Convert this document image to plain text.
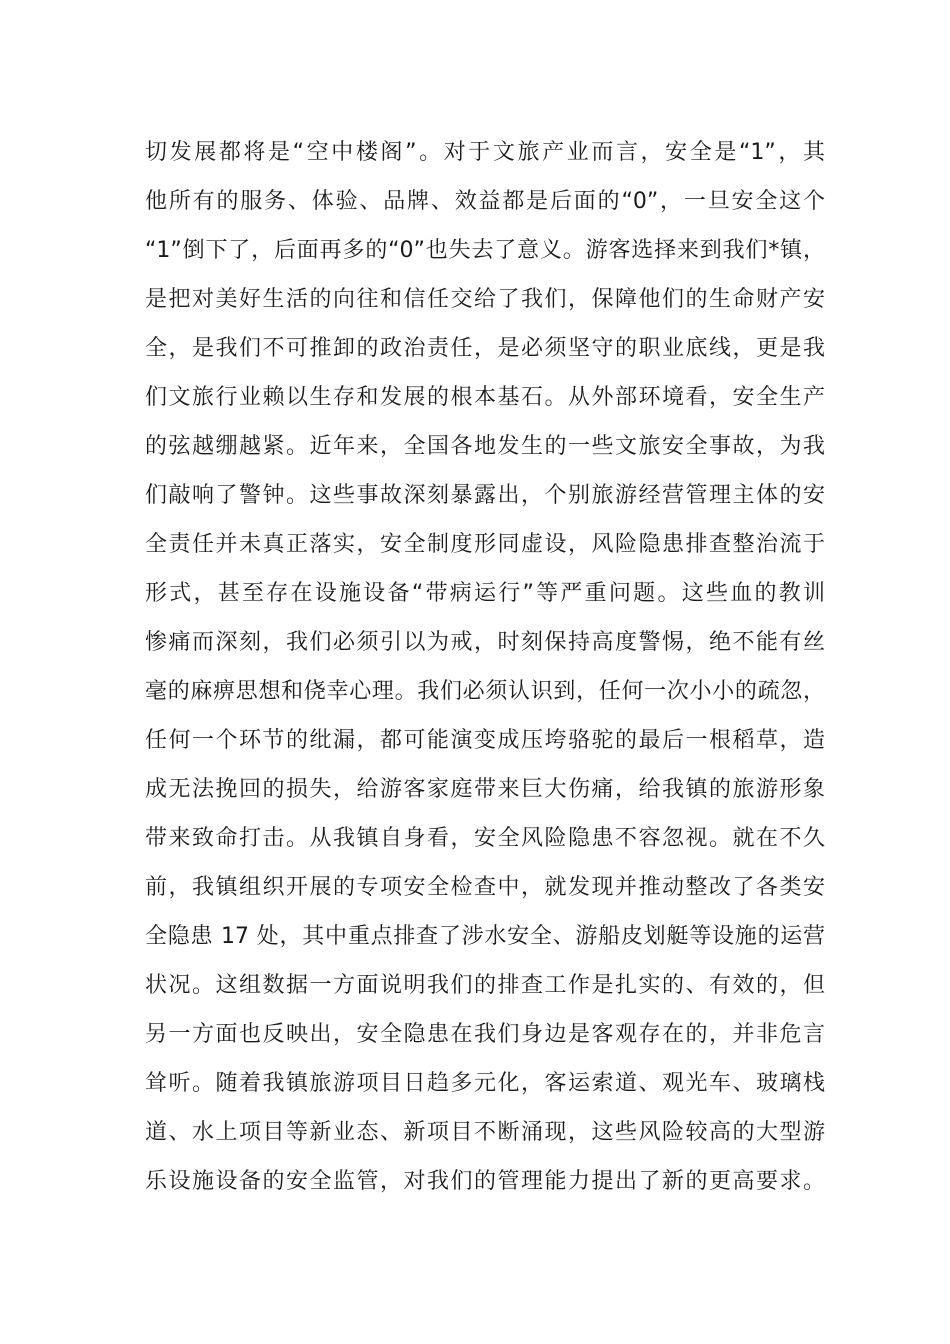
切发展都将是“空中楼阁”。对于文旅产业而言，安全是“1”，其
他所有的服务、体验、品牌、效益都是后面的“0”，一旦安全这个
“1”倒下了，后面再多的“0”也失去了意义。游客选择来到我们*镇，
是把对美好生活的向往和信任交给了我们，保障他们的生命财产安
全，是我们不可推卸的政治责任，是必须坚守的职业底线，更是我
们文旅行业赖以生存和发展的根本基石。从外部环境看，安全生产
的弦越绷越紧。近年来，全国各地发生的一些文旅安全事故，为我
们敲响了警钟。这些事故深刻暴露出，个别旅游经营管理主体的安
全责任并未真正落实，安全制度形同虚设，风险隐患排查整治流于
形式，甚至存在设施设备“带病运行”等严重问题。这些血的教训
惨痛而深刻，我们必须引以为戒，时刻保持高度警惕，绝不能有丝
毫的麻痹思想和侥幸心理。我们必须认识到，任何一次小小的疏忽，
任何一个环节的纰漏，都可能演变成压垮骆驼的最后一根稻草，造
成无法挽回的损失，给游客家庭带来巨大伤痛，给我镇的旅游形象
带来致命打击。从我镇自身看，安全风险隐患不容忽视。就在不久
前，我镇组织开展的专项安全检查中，就发现并推动整改了各类安
全隐患 17 处，其中重点排查了涉水安全、游船皮划艇等设施的运营
状况。这组数据一方面说明我们的排查工作是扎实的、有效的，但
另一方面也反映出，安全隐患在我们身边是客观存在的，并非危言
耸听。随着我镇旅游项目日趋多元化，客运索道、观光车、玻璃栈
道、水上项目等新业态、新项目不断涌现，这些风险较高的大型游
乐设施设备的安全监管，对我们的管理能力提出了新的更高要求。
